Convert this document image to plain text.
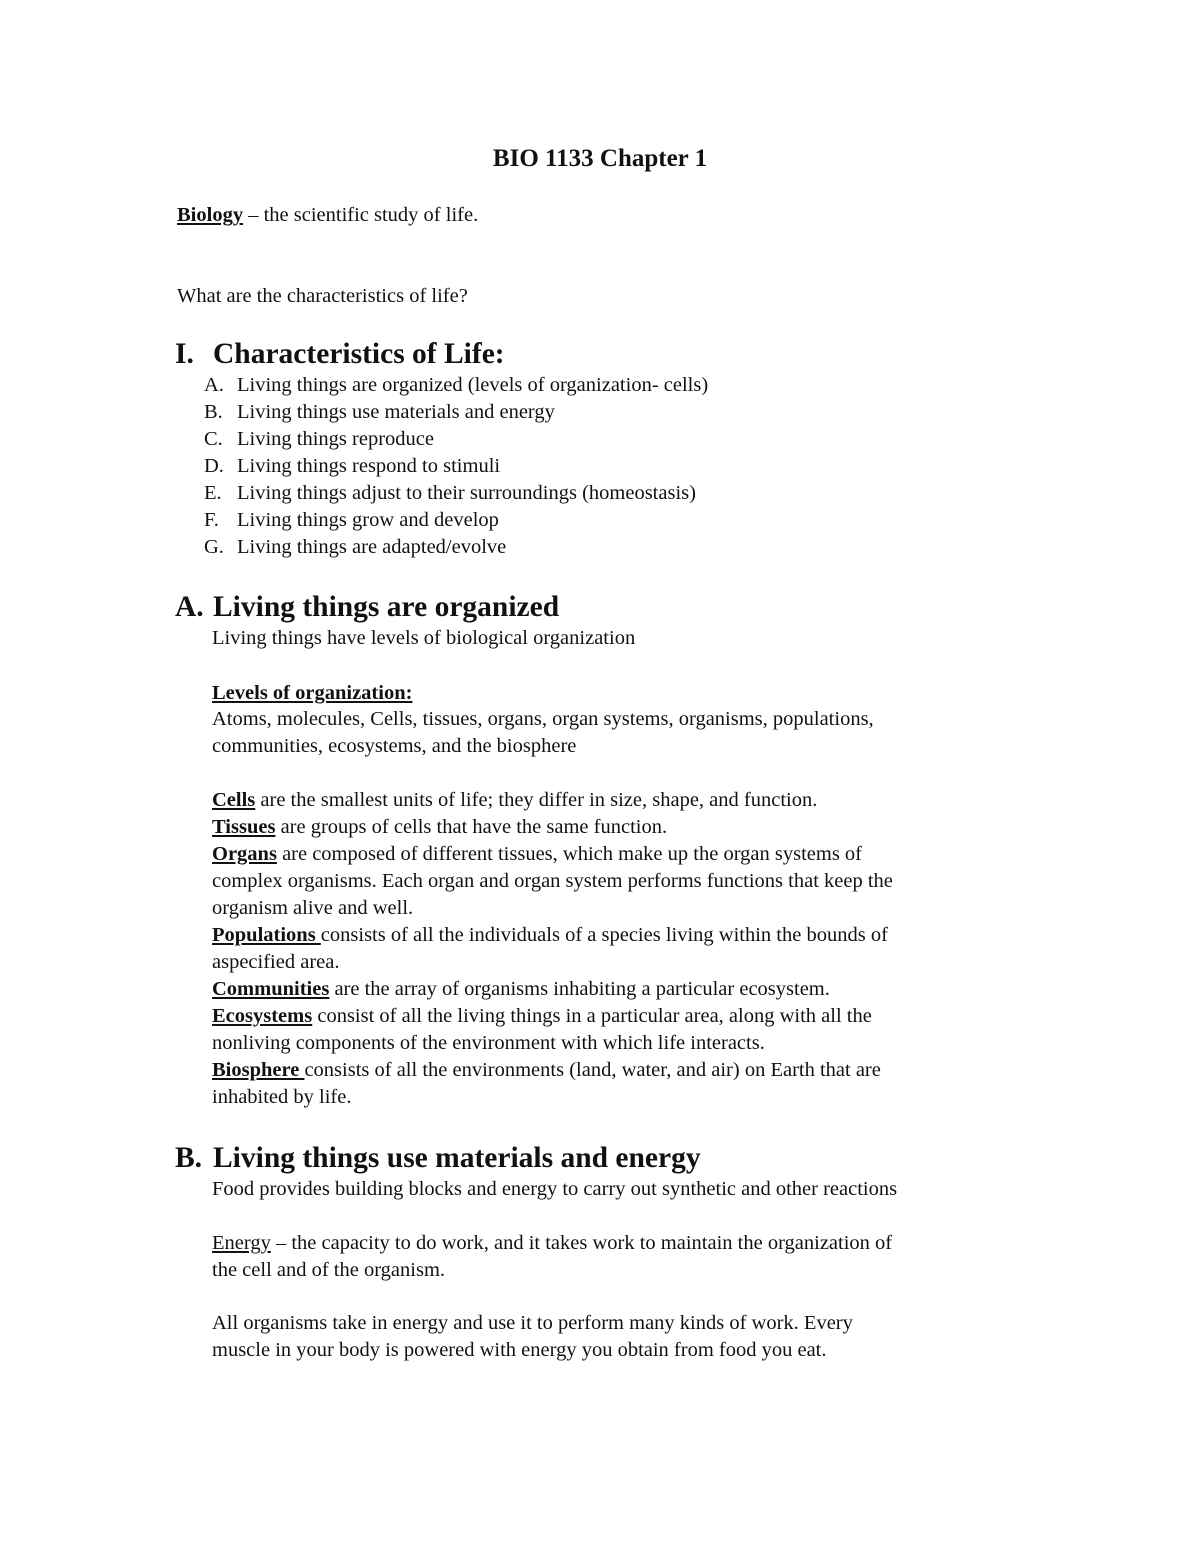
BIO 1133 Chapter 1
Biology – the scientific study of life.
What are the characteristics of life?
I. Characteristics of Life:
A. Living things are organized (levels of organization- cells)
B. Living things use materials and energy
C. Living things reproduce
D. Living things respond to stimuli
E. Living things adjust to their surroundings (homeostasis)
F. Living things grow and develop
G. Living things are adapted/evolve
A. Living things are organized
Living things have levels of biological organization
Levels of organization:
Atoms, molecules, Cells, tissues, organs, organ systems, organisms, populations,
communities, ecosystems, and the biosphere
Cells are the smallest units of life; they differ in size, shape, and function.
Tissues are groups of cells that have the same function.
Organs are composed of different tissues, which make up the organ systems of
complex organisms. Each organ and organ system performs functions that keep the
organism alive and well.
Populations consists of all the individuals of a species living within the bounds of
aspecified area.
Communities are the array of organisms inhabiting a particular ecosystem.
Ecosystems consist of all the living things in a particular area, along with all the
nonliving components of the environment with which life interacts.
Biosphere consists of all the environments (land, water, and air) on Earth that are
inhabited by life.
B. Living things use materials and energy
Food provides building blocks and energy to carry out synthetic and other reactions
Energy – the capacity to do work, and it takes work to maintain the organization of
the cell and of the organism.
All organisms take in energy and use it to perform many kinds of work. Every
muscle in your body is powered with energy you obtain from food you eat.
